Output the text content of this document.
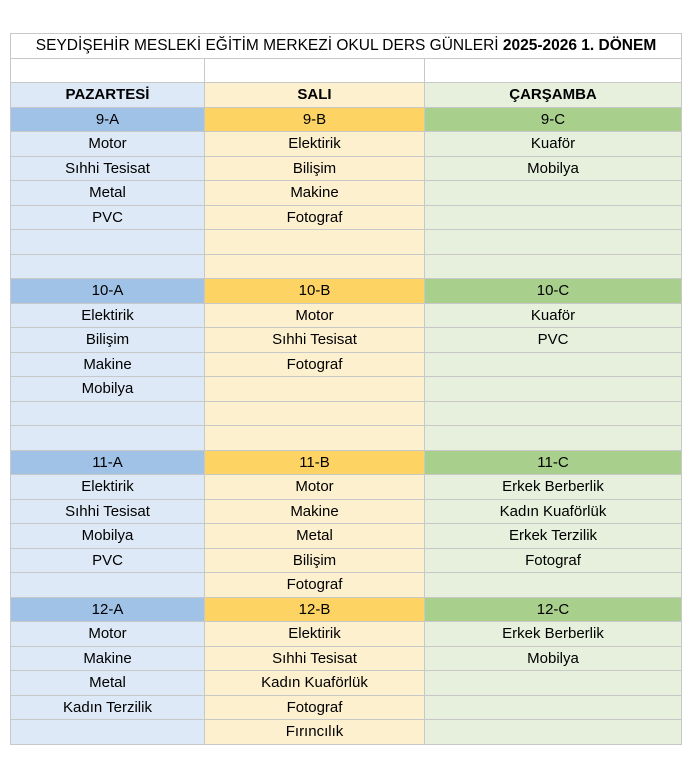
SEYDİŞEHİR MESLEKİ EĞİTİM MERKEZİ OKUL DERS GÜNLERİ 2025-2026 1. DÖNEM		

PAZARTESİ	SALI	ÇARŞAMBA
9-A	9-B	9-C
Motor	Elektirik	Kuaför
Sıhhi Tesisat	Bilişim	Mobilya
Metal	Makine	
PVC	Fotograf	

10-A	10-B	10-C
Elektirik	Motor	Kuaför
Bilişim	Sıhhi Tesisat	PVC
Makine	Fotograf	
Mobilya		

11-A	11-B	11-C
Elektirik	Motor	Erkek Berberlik
Sıhhi Tesisat	Makine	Kadın Kuaförlük
Mobilya	Metal	Erkek Terzilik
PVC	Bilişim	Fotograf
	Fotograf	
12-A	12-B	12-C
Motor	Elektirik	Erkek Berberlik
Makine	Sıhhi Tesisat	Mobilya
Metal	Kadın Kuaförlük	
Kadın Terzilik	Fotograf	
	Fırıncılık	
